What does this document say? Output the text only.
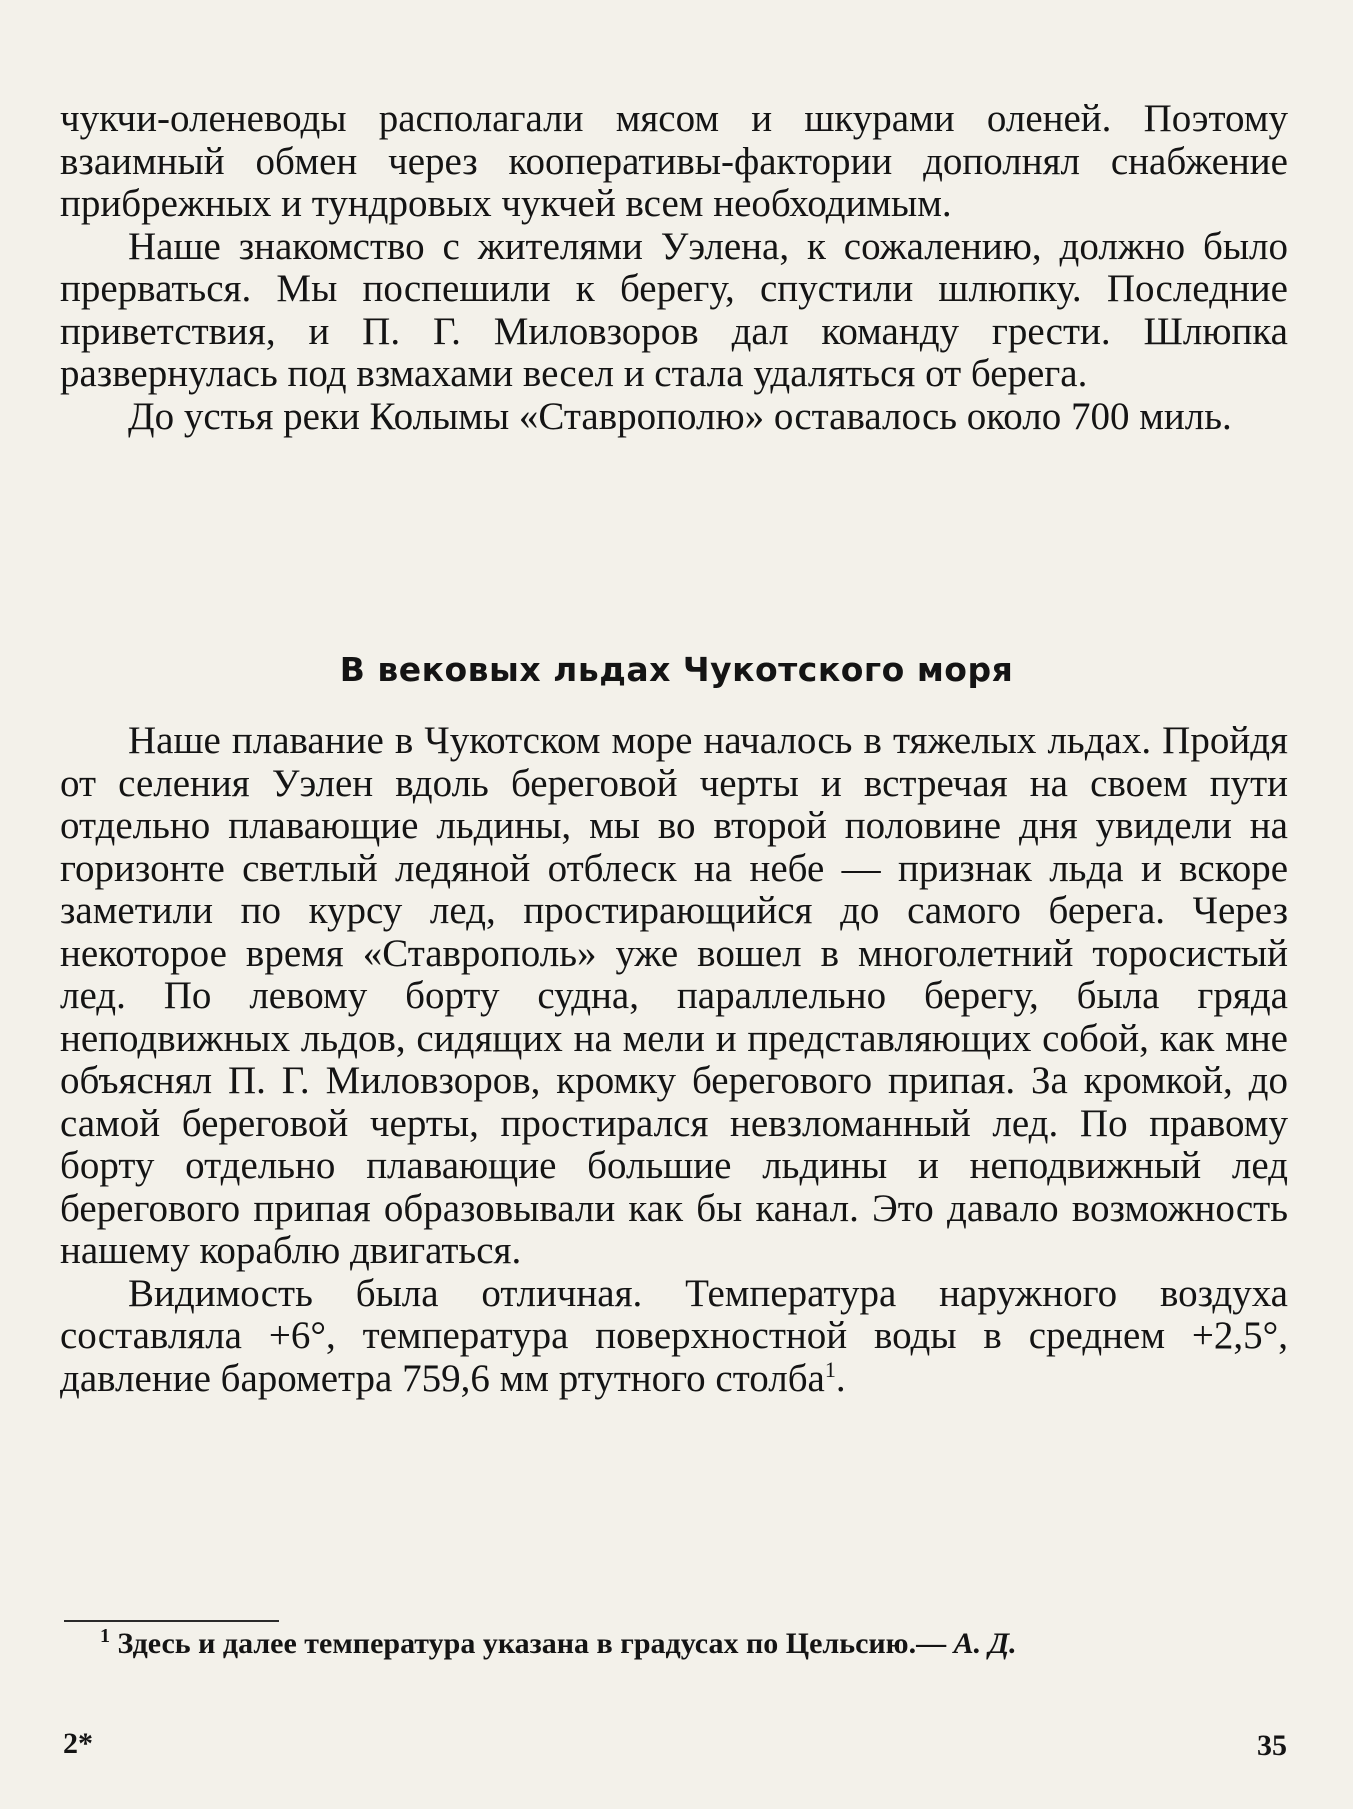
чукчи-оленеводы располагали мясом и шкурами оленей. Поэтому взаимный обмен через кооперативы-фактории дополнял снабжение прибрежных и тундровых чукчей всем необходимым.

Наше знакомство с жителями Уэлена, к сожалению, должно было прерваться. Мы поспешили к берегу, спустили шлюпку. Последние приветствия, и П. Г. Миловзоров дал команду грести. Шлюпка развернулась под взмахами весел и стала удаляться от берега.

До устья реки Колымы «Ставрополю» оставалось около 700 миль.

В вековых льдах Чукотского моря

Наше плавание в Чукотском море началось в тяжелых льдах. Пройдя от селения Уэлен вдоль береговой черты и встречая на своем пути отдельно плавающие льдины, мы во второй половине дня увидели на горизонте светлый ледяной отблеск на небе — признак льда и вскоре заметили по курсу лед, простирающийся до самого берега. Через некоторое время «Ставрополь» уже вошел в многолетний торосистый лед. По левому борту судна, параллельно берегу, была гряда неподвижных льдов, сидящих на мели и представляющих собой, как мне объяснял П. Г. Миловзоров, кромку берегового припая. За кромкой, до самой береговой черты, простирался невзломанный лед. По правому борту отдельно плавающие большие льдины и неподвижный лед берегового припая образовывали как бы канал. Это давало возможность нашему кораблю двигаться.

Видимость была отличная. Температура наружного воздуха составляла +6°, температура поверхностной воды в среднем +2,5°, давление барометра 759,6 мм ртутного столба$^1$.

$^1$ Здесь и далее температура указана в градусах по Цельсию.— А. Д.
2*	35
